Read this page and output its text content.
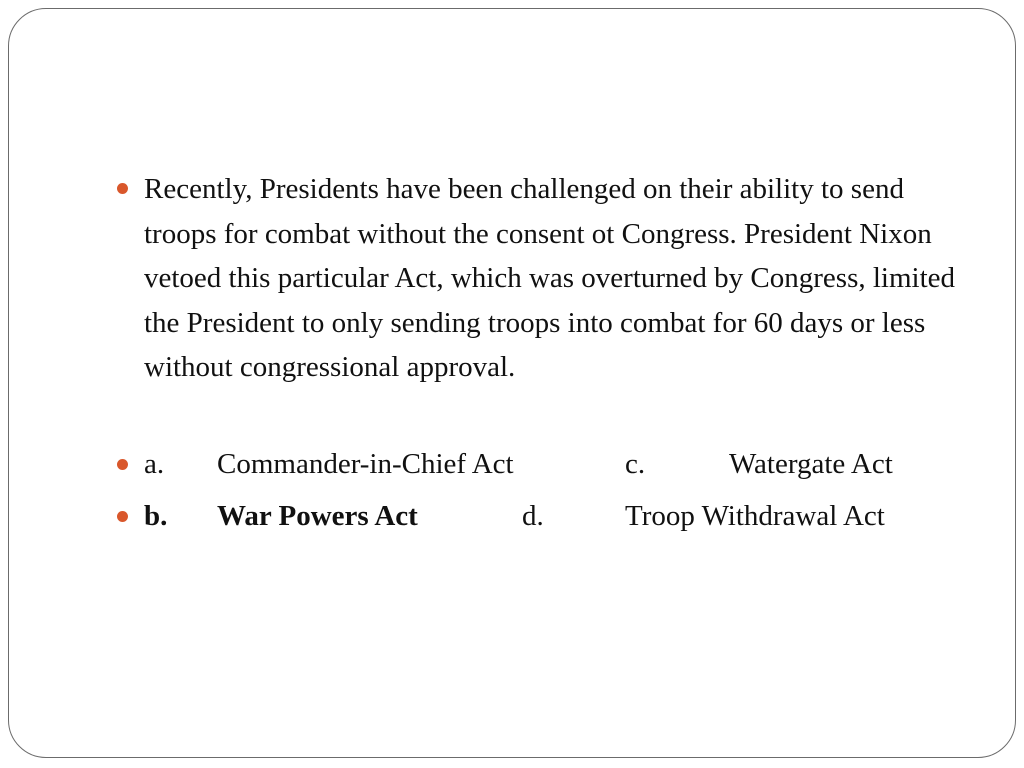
Recently, Presidents have been challenged on their ability to send troops for combat without the consent ot Congress. President Nixon vetoed this particular Act, which was overturned by Congress, limited the President to only sending troops into combat for 60 days or less without congressional approval.

a. Commander-in-Chief Act	c.	Watergate Act
b. War Powers Act	d.	Troop Withdrawal Act
